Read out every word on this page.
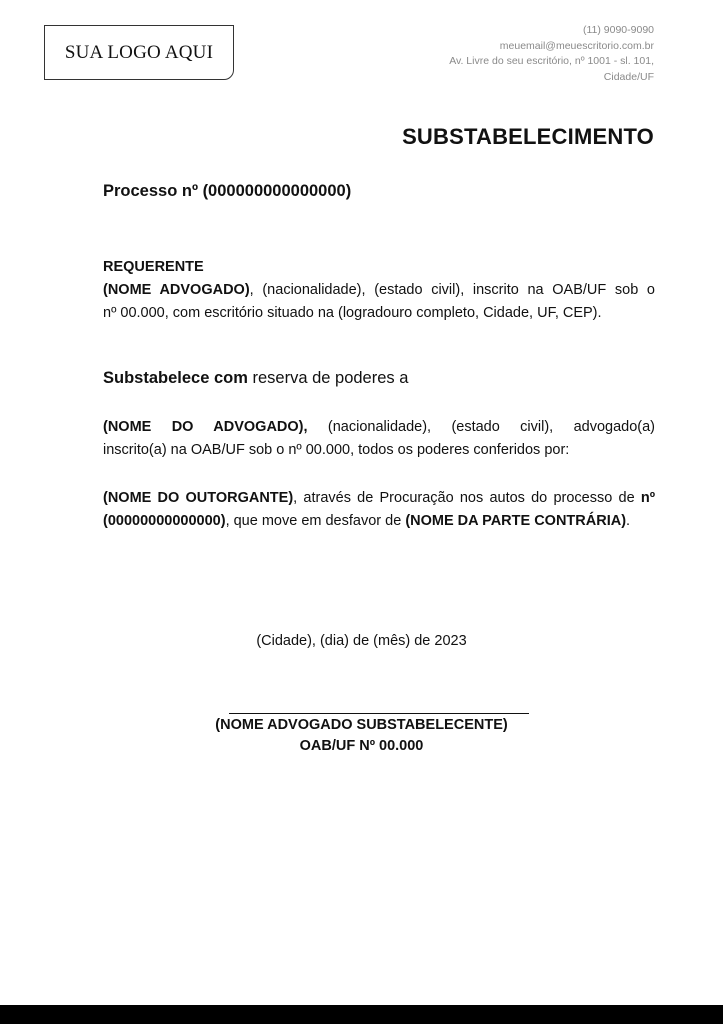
SUA LOGO AQUI
(11) 9090-9090
meuemail@meuescritorio.com.br
Av. Livre do seu escritório, nº 1001 - sl. 101,
Cidade/UF
SUBSTABELECIMENTO
Processo nº (000000000000000)
REQUERENTE
(NOME ADVOGADO), (nacionalidade), (estado civil), inscrito na OAB/UF sob o
nº 00.000, com escritório situado na (logradouro completo, Cidade, UF, CEP).
Substabelece com reserva de poderes a
(NOME DO ADVOGADO), (nacionalidade), (estado civil), advogado(a)
inscrito(a) na OAB/UF sob o nº 00.000, todos os poderes conferidos por:
(NOME DO OUTORGANTE), através de Procuração nos autos do processo de nº
(00000000000000), que move em desfavor de (NOME DA PARTE CONTRÁRIA).
(Cidade), (dia) de (mês) de 2023
(NOME ADVOGADO SUBSTABELECENTE)
OAB/UF Nº 00.000
